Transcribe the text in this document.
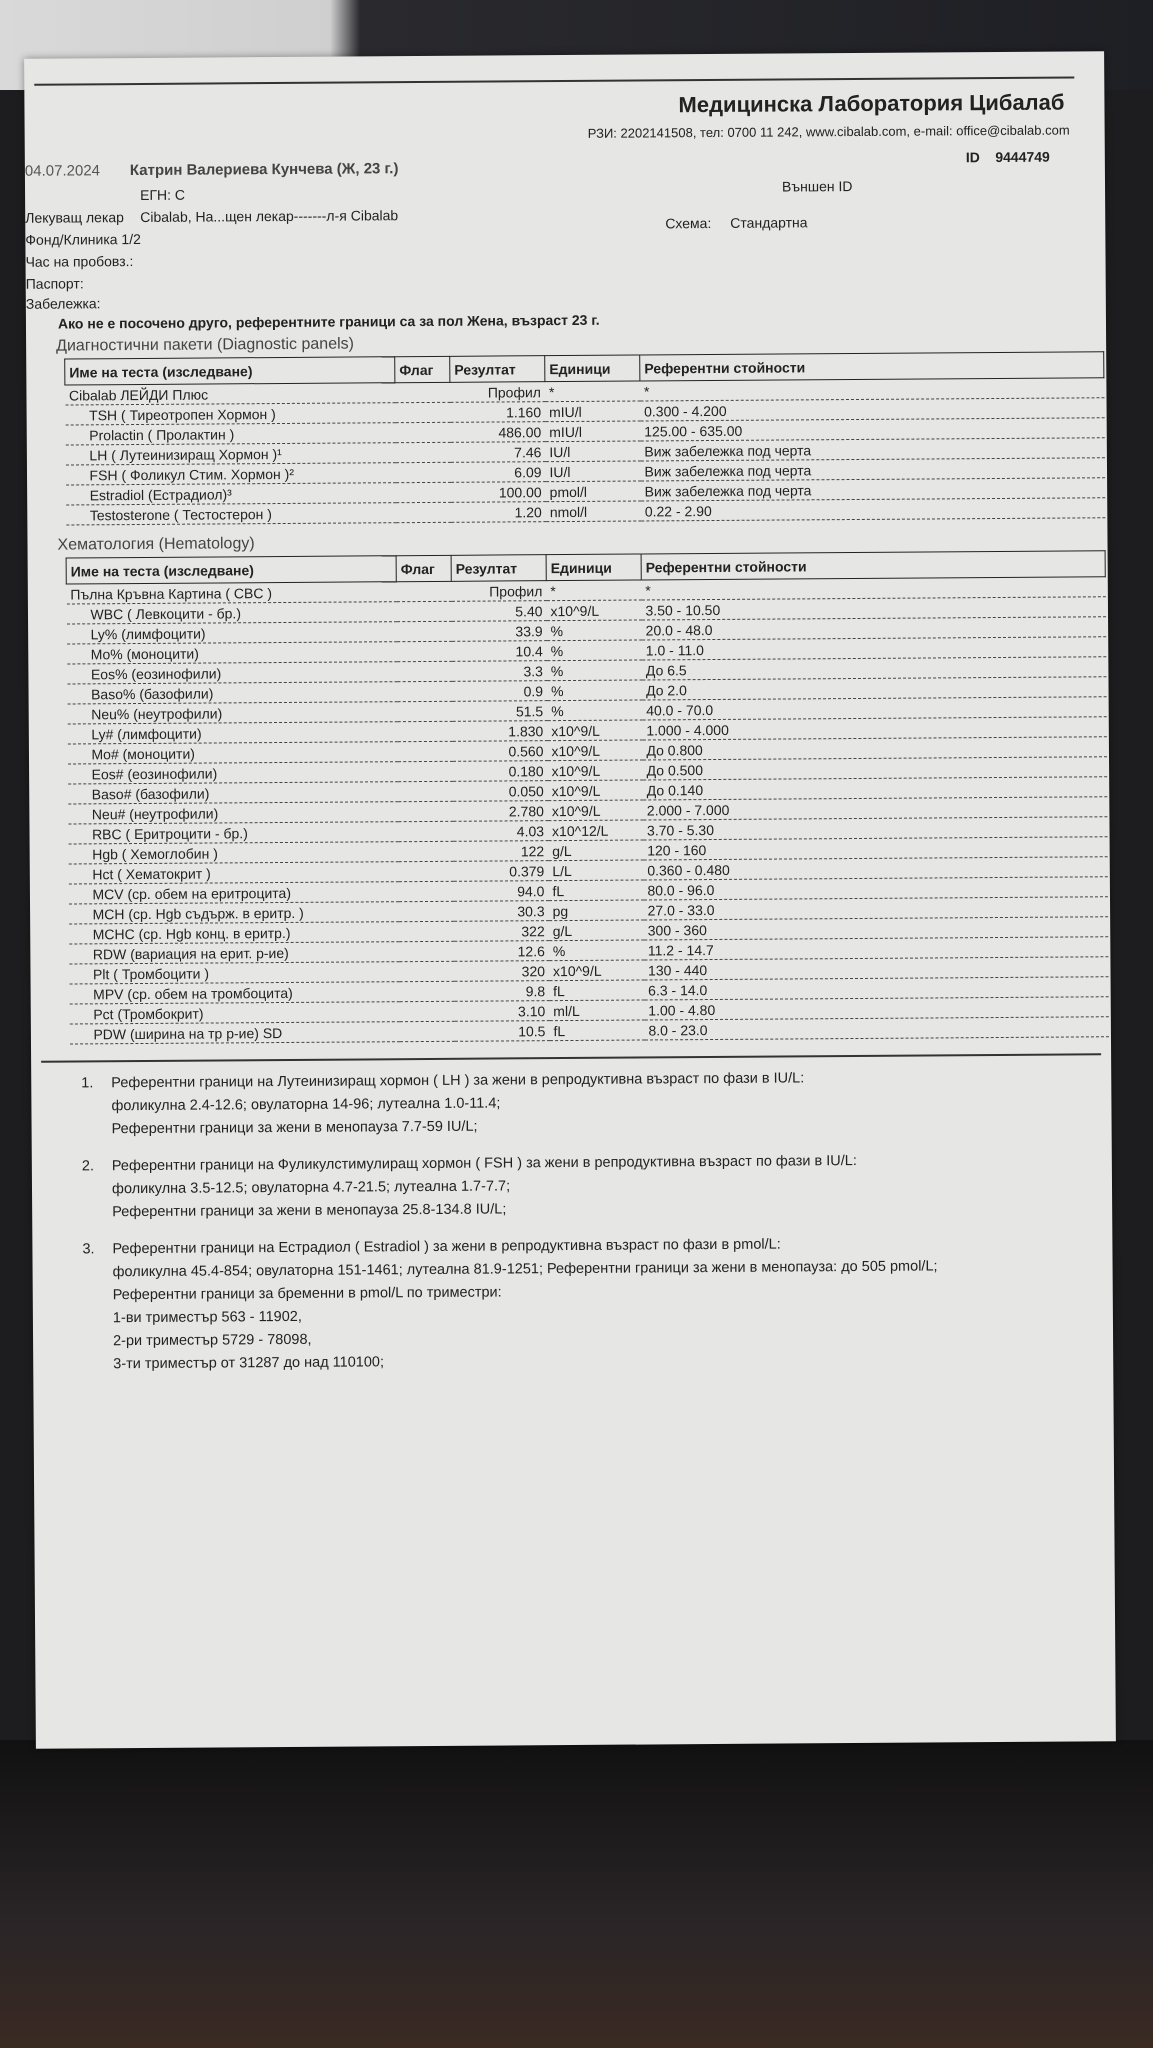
Медицинска Лаборатория Цибалаб
РЗИ: 2202141508, тел: 0700 11 242, www.cibalab.com, e-mail: office@cibalab.com
ID 9444749
04.07.2024 Катрин Валериева Кунчева (Ж, 23 г.)
Външен ID
ЕГН: С
Лекуващ лекар Cibalab, На...щен лекар-------л-я Cibalab	Схема: Стандартна
Фонд/Клиника 1/2
Час на пробовз.:
Паспорт:
Забележка:
Ако не е посочено друго, референтните граници са за пол Жена, възраст 23 г.
Диагностични пакети (Diagnostic panels)
Име на теста (изследване)	Флаг	Резултат	Единици	Референтни стойности
Cibalab ЛЕЙДИ Плюс		Профил	*	*
TSH ( Тиреотропен Хормон )		1.160	mIU/l	0.300 - 4.200
Prolactin ( Пролактин )		486.00	mIU/l	125.00 - 635.00
LH ( Лутеинизиращ Хормон )¹		7.46	IU/l	Виж забележка под черта
FSH ( Фоликул Стим. Хормон )²		6.09	IU/l	Виж забележка под черта
Estradiol (Естрадиол)³		100.00	pmol/l	Виж забележка под черта
Testosterone ( Тестостерон )		1.20	nmol/l	0.22 - 2.90
Хематология (Hematology)
Име на теста (изследване)	Флаг	Резултат	Единици	Референтни стойности
Пълна Кръвна Картина ( CBC )		Профил	*	*
WBC ( Левкоцити - бр.)		5.40	x10^9/L	3.50 - 10.50
Ly% (лимфоцити)		33.9	%	20.0 - 48.0
Mo% (моноцити)		10.4	%	1.0 - 11.0
Eos% (еозинофили)		3.3	%	До 6.5
Baso% (базофили)		0.9	%	До 2.0
Neu% (неутрофили)		51.5	%	40.0 - 70.0
Ly# (лимфоцити)		1.830	x10^9/L	1.000 - 4.000
Mo# (моноцити)		0.560	x10^9/L	До 0.800
Eos# (еозинофили)		0.180	x10^9/L	До 0.500
Baso# (базофили)		0.050	x10^9/L	До 0.140
Neu# (неутрофили)		2.780	x10^9/L	2.000 - 7.000
RBC ( Еритроцити - бр.)		4.03	x10^12/L	3.70 - 5.30
Hgb ( Хемоглобин )		122	g/L	120 - 160
Hct ( Хематокрит )		0.379	L/L	0.360 - 0.480
MCV (ср. обем на еритроцита)		94.0	fL	80.0 - 96.0
MCH (ср. Hgb съдърж. в еритр. )		30.3	pg	27.0 - 33.0
MCHC (ср. Hgb конц. в еритр.)		322	g/L	300 - 360
RDW (вариация на ерит. р-ие)		12.6	%	11.2 - 14.7
Plt ( Тромбоцити )		320	x10^9/L	130 - 440
MPV (ср. обем на тромбоцита)		9.8	fL	6.3 - 14.0
Pct (Тромбокрит)		3.10	ml/L	1.00 - 4.80
PDW (ширина на тр р-ие) SD		10.5	fL	8.0 - 23.0
1. Референтни граници на Лутеинизиращ хормон ( LH ) за жени в репродуктивна възраст по фази в IU/L:
фоликулна 2.4-12.6; овулаторна 14-96; лутеална 1.0-11.4;
Референтни граници за жени в менопауза 7.7-59 IU/L;
2. Референтни граници на Фуликулстимулиращ хормон ( FSH ) за жени в репродуктивна възраст по фази в IU/L:
фоликулна 3.5-12.5; овулаторна 4.7-21.5; лутеална 1.7-7.7;
Референтни граници за жени в менопауза 25.8-134.8 IU/L;
3. Референтни граници на Естрадиол ( Estradiol ) за жени в репродуктивна възраст по фази в pmol/L:
фоликулна 45.4-854; овулаторна 151-1461; лутеална 81.9-1251; Референтни граници за жени в менопауза: до 505 pmol/L;
Референтни граници за бременни в pmol/L по триместри:
1-ви триместър 563 - 11902,
2-ри триместър 5729 - 78098,
3-ти триместър от 31287 до над 110100;
